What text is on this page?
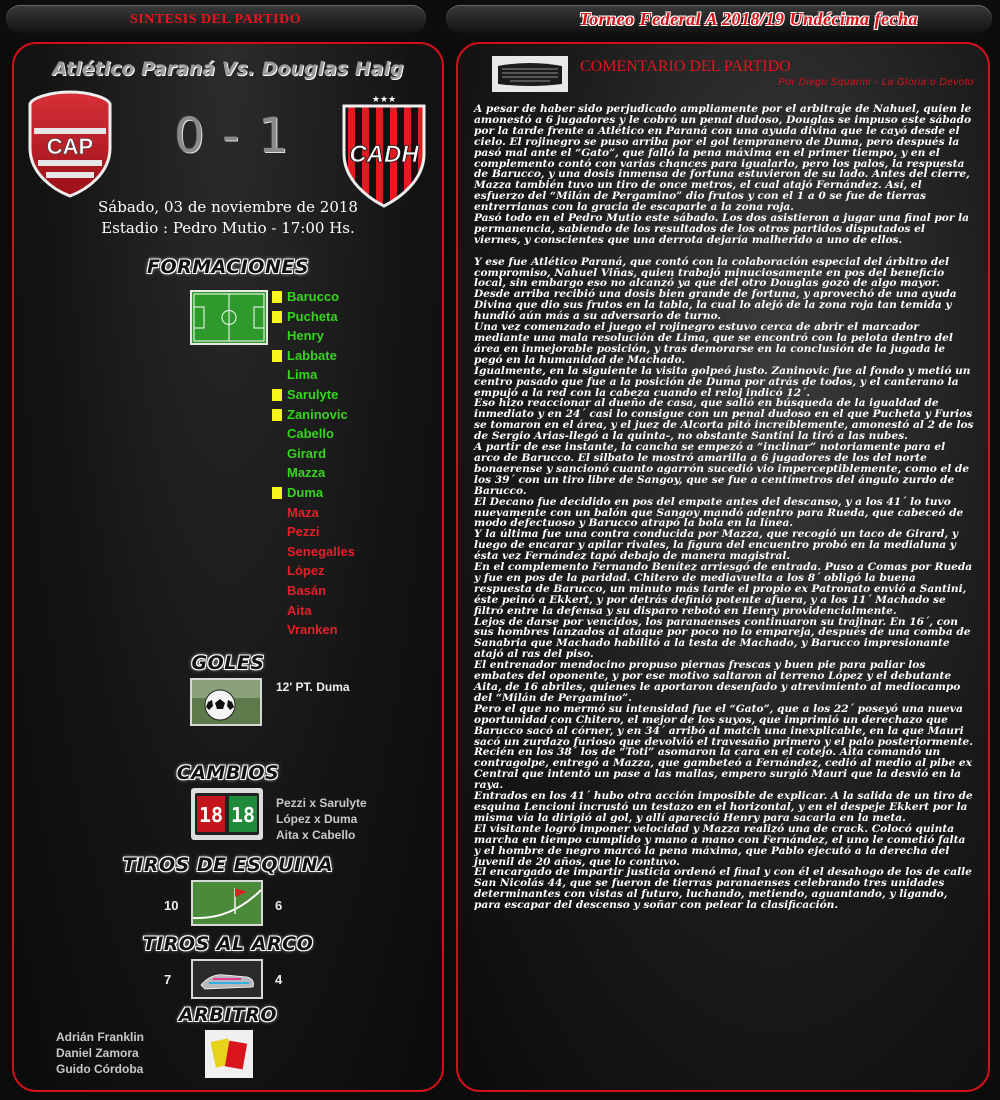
SINTESIS DEL PARTIDO	Torneo Federal A 2018/19 Undécima fecha
Atlético Paraná Vs. Douglas Haig
CAP
★★★
CADH
0 - 1
Sábado, 03 de noviembre de 2018
Estadio : Pedro Mutio - 17:00 Hs.
FORMACIONES
Barucco
Pucheta
Henry
Labbate
Lima
Sarulyte
Zaninovic
Cabello
Girard
Mazza
Duma
Maza
Pezzi
Senegalles
López
Basán
Aita
Vranken
GOLES
12' PT. Duma
CAMBIOS
18 18 Pezzi x Sarulyte
López x Duma
Aita x Cabello
TIROS DE ESQUINA
10	6
TIROS AL ARCO
7	4
ARBITRO
Adrián Franklin
Daniel Zamora
Guido Córdoba
COMENTARIO DEL PARTIDO
Por Diego Squarini - La Gloria o Devoto

A pesar de haber sido perjudicado ampliamente por el arbitraje de Nahuel, quien le amonestó a 6 jugadores y le cobró un penal dudoso, Douglas se impuso este sábado por la tarde frente a Atlético en Paraná con una ayuda divina que le cayó desde el cielo. El rojinegro se puso arriba por el gol tempranero de Duma, pero después la pasó mal ante el “Gato”, que falló la pena máxima en el primer tiempo, y en el complemento contó con varias chances para igualarlo, pero los palos, la respuesta de Barucco, y una dosis inmensa de fortuna estuvieron de su lado. Antes del cierre, Mazza también tuvo un tiro de once metros, el cual atajó Fernández. Así, el esfuerzo del “Milán de Pergamino” dio frutos y con el 1 a 0 se fue de tierras entrerrianas con la gracia de escaparle a la zona roja.

Pasó todo en el Pedro Mutio este sábado. Los dos asistieron a jugar una final por la permanencia, sabiendo de los resultados de los otros partidos disputados el viernes, y conscientes que una derrota dejaría malherido a uno de ellos.

Y ese fue Atlético Paraná, que contó con la colaboración especial del árbitro del compromiso, Nahuel Viñas, quien trabajó minuciosamente en pos del beneficio local, sin embargo eso no alcanzó ya que del otro Douglas gozó de algo mayor.

Desde arriba recibió una dosis bien grande de fortuna, y aprovechó de una ayuda Divina que dio sus frutos en la tabla, la cual lo alejó de la zona roja tan temida y hundió aún más a su adversario de turno.

Una vez comenzado el juego el rojinegro estuvo cerca de abrir el marcador mediante una mala resolución de Lima, que se encontró con la pelota dentro del área en inmejorable posición, y tras demorarse en la conclusión de la jugada le pegó en la humanidad de Machado.

Igualmente, en la siguiente la visita golpeó justo. Zaninovic fue al fondo y metió un centro pasado que fue a la posición de Duma por atrás de todos, y el canterano la empujó a la red con la cabeza cuando el reloj indicó 12´.

Eso hizo reaccionar al dueño de casa, que salió en búsqueda de la igualdad de inmediato y en 24´ casi lo consigue con un penal dudoso en el que Pucheta y Furios se tomaron en el área, y el juez de Alcorta pitó increíblemente, amonestó al 2 de los de Sergio Arias-llegó a la quinta-, no obstante Santini la tiró a las nubes.

A partir de ese instante, la cancha se empezó a “inclinar” notoriamente para el arco de Barucco. El silbato le mostró amarilla a 6 jugadores de los del norte bonaerense y sancionó cuanto agarrón sucedió vio imperceptiblemente, como el de los 39´ con un tiro libre de Sangoy, que se fue a centímetros del ángulo zurdo de Barucco.

El Decano fue decidido en pos del empate antes del descanso, y a los 41´ lo tuvo nuevamente con un balón que Sangoy mandó adentro para Rueda, que cabeceó de modo defectuoso y Barucco atrapó la bola en la línea.

Y la última fue una contra conducida por Mazza, que recogió un taco de Girard, y luego de encarar y apilar rivales, la figura del encuentro probó en la medialuna y ésta vez Fernández tapó debajo de manera magistral.

En el complemento Fernando Benítez arriesgó de entrada. Puso a Comas por Rueda y fue en pos de la paridad. Chitero de mediavuelta a los 8´ obligó la buena respuesta de Barucco, un minuto más tarde el propio ex Patronato envió a Santini, éste peinó a Ekkert, y por detrás definió potente afuera, y a los 11´ Machado se filtró entre la defensa y su disparo rebotó en Henry providencialmente.

Lejos de darse por vencidos, los paranaenses continuaron su trajinar. En 16´, con sus hombres lanzados al ataque por poco no lo empareja, después de una comba de Sanabria que Machado habilitó a la testa de Machado, y Barucco impresionante atajó al ras del piso.

El entrenador mendocino propuso piernas frescas y buen pie para paliar los embates del oponente, y por ese motivo saltaron al terreno López y el debutante Aita, de 16 abriles, quienes le aportaron desenfado y atrevimiento al mediocampo del “Milán de Pergamino”.

Pero el que no mermó su intensidad fue el “Gato”, que a los 22´ poseyó una nueva oportunidad con Chitero, el mejor de los suyos, que imprimió un derechazo que Barucco sacó al córner, y en 34´ arribó al match una inexplicable, en la que Mauri sacó un zurdazo furioso que devolvió el travesaño primero y el palo posteriormente.

Recién en los 38´ los de “Toti” asomaron la cara en el cotejo. Aita comandó un contragolpe, entregó a Mazza, que gambeteó a Fernández, cedió al medio al pibe ex Central que intentó un pase a las mallas, empero surgió Mauri que la desvió en la raya.

Entrados en los 41´ hubo otra acción imposible de explicar. A la salida de un tiro de esquina Lencioni incrustó un testazo en el horizontal, y en el despeje Ekkert por la misma vía la dirigió al gol, y allí apareció Henry para sacarla en la meta.

El visitante logró imponer velocidad y Mazza realizó una de crack. Colocó quinta marcha en tiempo cumplido y mano a mano con Fernández, el uno le cometió falta y el hombre de negro marcó la pena máxima, que Pablo ejecutó a la derecha del juvenil de 20 años, que lo contuvo.

El encargado de impartir justicia ordenó el final y con él el desahogo de los de calle San Nicolás 44, que se fueron de tierras paranaenses celebrando tres unidades determinantes con vistas al futuro, luchando, metiendo, aguantando, y ligando, para escapar del descenso y soñar con pelear la clasificación.
